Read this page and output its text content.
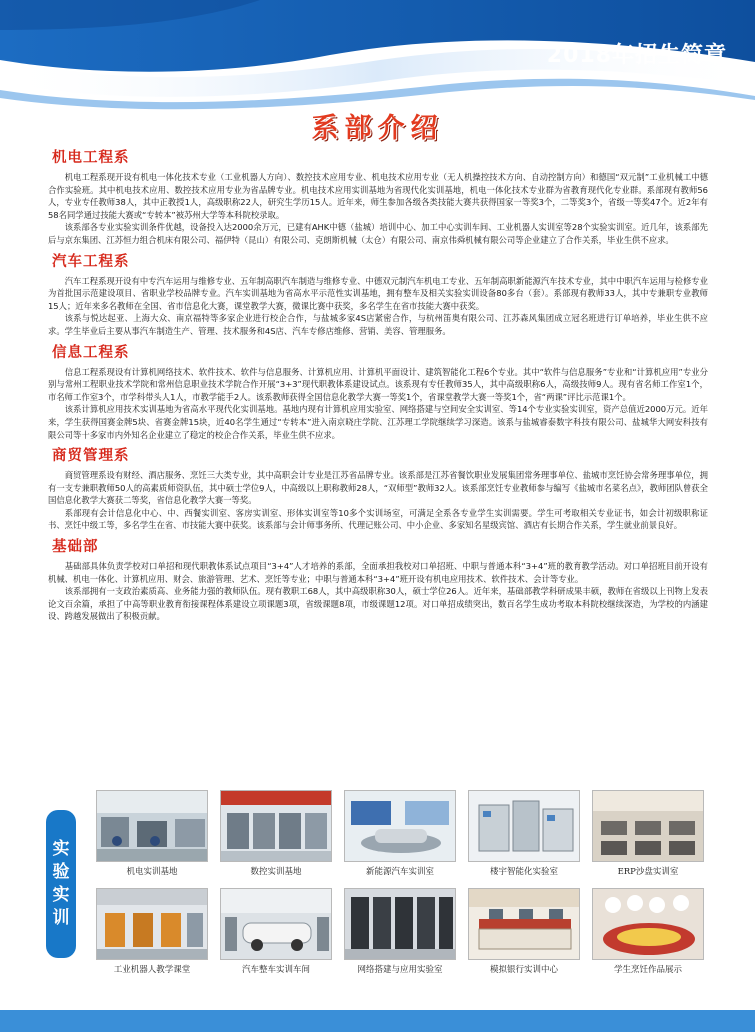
2018年招生简章
系部介绍
机电工程系

机电工程系现开设有机电一体化技术专业（工业机器人方向）、数控技术应用专业、机电技术应用专业（无人机操控技术方向、自动控制方向）和德国“双元制”工业机械工中德合作实验班。其中机电技术应用、数控技术应用专业为省品牌专业。机电技术应用实训基地为省现代化实训基地，机电一体化技术专业群为省教育现代化专业群。系部现有教师56人，专业专任教师38人，其中正教授1人，高级职称22人，研究生学历15人。近年来，师生参加各级各类技能大赛共获得国家一等奖3个，二等奖3个，省级一等奖47个。近2年有58名同学通过技能大赛或“专转本”被苏州大学等本科院校录取。

该系部各专业实验实训条件优越，设备投入达2000余万元，已建有AHK中德（盐城）培训中心、加工中心实训车间、工业机器人实训室等28个实验实训室。近几年，该系部先后与京东集团、江苏恒力组合机床有限公司、福伊特（昆山）有限公司、克朗斯机械（太仓）有限公司、南京伟舜机械有限公司等企业建立了合作关系，毕业生供不应求。

汽车工程系

汽车工程系现开设有中专汽车运用与维修专业、五年制高职汽车制造与维修专业、中德双元制汽车机电工专业、五年制高职新能源汽车技术专业，其中中职汽车运用与检修专业为首批国示范建设项目、省职业学校品牌专业。汽车实训基地为省高水平示范性实训基地，拥有整车及相关实验实训设备80多台（套）。系部现有教师33人，其中专兼职专业教师15人；近年来多名教师在全国、省市信息化大赛，课堂教学大赛，微课比赛中获奖，多名学生在省市技能大赛中获奖。

该系与悦达起亚、上海大众、南京福特等多家企业进行校企合作，与盐城多家4S店紧密合作，与杭州笛奥有限公司、江苏森风集团成立冠名班进行订单培养，毕业生供不应求。学生毕业后主要从事汽车制造生产、管理、技术服务和4S店、汽车专修店维修、营销、美容、管理服务。

信息工程系

信息工程系现设有计算机网络技术、软件技术、软件与信息服务、计算机应用、计算机平面设计、建筑智能化工程6个专业。其中“软件与信息服务”专业和“计算机应用”专业分别与常州工程职业技术学院和常州信息职业技术学院合作开展“3+3”现代职教体系建设试点。该系现有专任教师35人，其中高级职称6人，高级技师9人。现有省名师工作室1个，市名师工作室3个，市学科带头人1人，市教学能手2人。该系教师获得全国信息化教学大赛一等奖1个，省课堂教学大赛一等奖1个，省“两课”评比示范课1个。

该系计算机应用技术实训基地为省高水平现代化实训基地。基地内现有计算机应用实验室、网络搭建与空间安全实训室、等14个专业实验实训室，资产总值近2000万元。近年来，学生获得国赛金牌5块、省赛金牌15块，近40名学生通过“专转本”进入南京晓庄学院、江苏理工学院继续学习深造。该系与盐城睿泰数字科技有限公司、盐城华大网安科技有限公司等十多家市内外知名企业建立了稳定的校企合作关系，毕业生供不应求。

商贸管理系

商贸管理系设有财经、酒店服务、烹饪三大类专业，其中高职会计专业是江苏省品牌专业。该系部是江苏省餐饮职业发展集团常务理事单位、盐城市烹饪协会常务理事单位，拥有一支专兼职教师50人的高素质师资队伍，其中硕士学位9人，中高级以上职称教师28人，“双师型”教师32人。该系部烹饪专业教师参与编写《盐城市名菜名点》，教师团队曾获全国信息化教学大赛获二等奖，省信息化教学大赛一等奖。

系部现有会计信息化中心、中、西餐实训室、客房实训室、形体实训室等10多个实训场室，可满足全系各专业学生实训需要。学生可考取相关专业证书，如会计初级职称证书、烹饪中级工等，多名学生在省、市技能大赛中获奖。该系部与会计师事务所、代理记账公司、中小企业、多家知名星级宾馆、酒店有长期合作关系，学生就业前景良好。

基础部

基础部具体负责学校对口单招和现代职教体系试点项目“3+4”人才培养的系部，全面承担我校对口单招班、中职与普通本科“3+4”班的教育教学活动。对口单招班目前开设有机械、机电一体化、计算机应用、财会、旅游管理、艺术、烹饪等专业；中职与普通本科“3+4”班开设有机电应用技术、软件技术、会计等专业。

该系部拥有一支政治素质高、业务能力强的教师队伍。现有教职工68人，其中高级职称30人，硕士学位26人。近年来，基础部教学科研成果丰硕，教师在省级以上刊物上发表论文百余篇，承担了中高等职业教育衔接课程体系建设立项课题3项，省级课题8项，市级课题12项。对口单招成绩突出，数百名学生成功考取本科院校继续深造，为学校的内涵建设、跨越发展做出了积极贡献。

实
验
实
训
机电实训基地	数控实训基地	新能源汽车实训室	楼宇智能化实验室	ERP沙盘实训室
工业机器人教学课堂	汽车整车实训车间	网络搭建与应用实验室	模拟银行实训中心	学生烹饪作品展示
